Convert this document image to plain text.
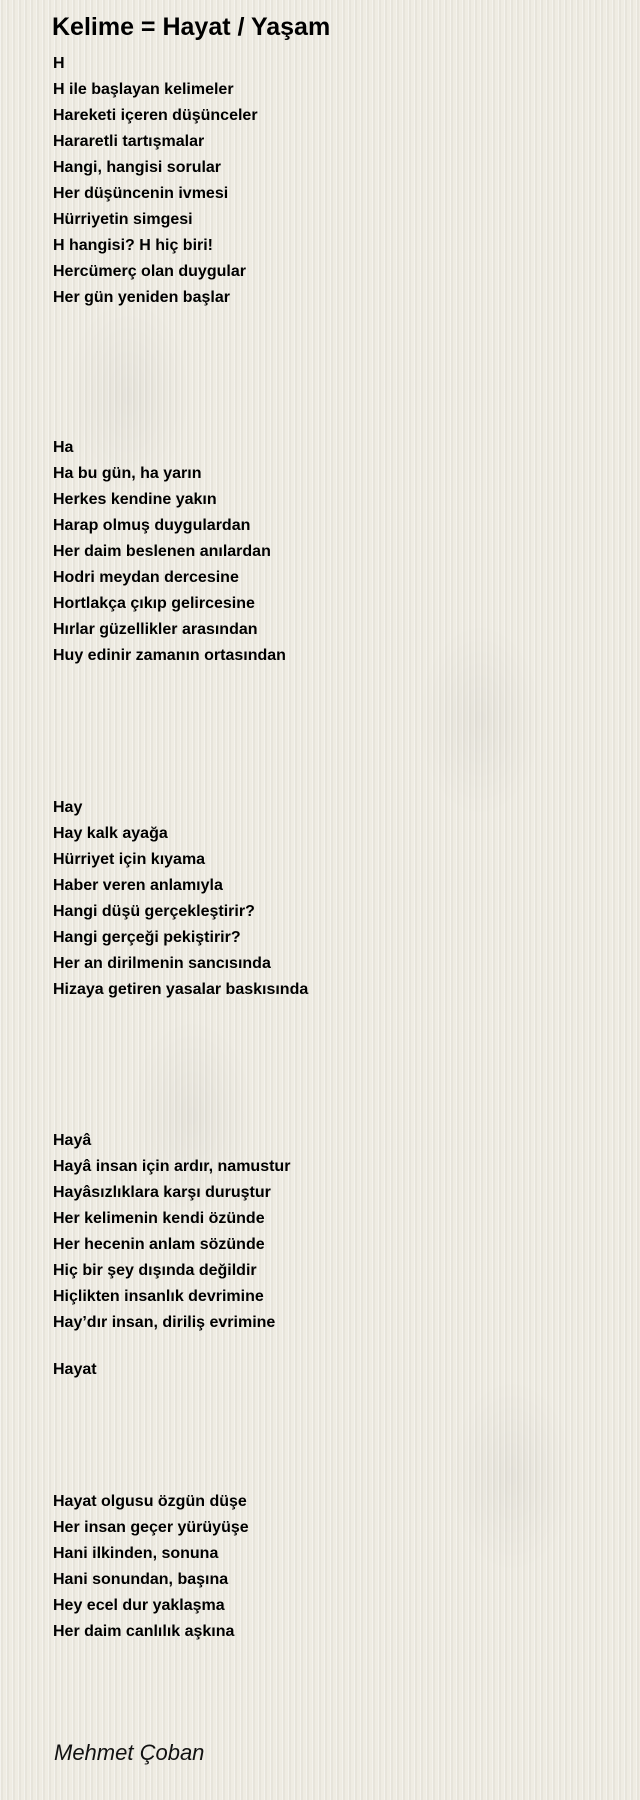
Kelime = Hayat / Yaşam
H
H ile başlayan kelimeler
Hareketi içeren düşünceler
Hararetli tartışmalar
Hangi, hangisi sorular
Her düşüncenin ivmesi
Hürriyetin simgesi
H hangisi? H hiç biri!
Hercümerç olan duygular
Her gün yeniden başlar
Ha
Ha bu gün, ha yarın
Herkes kendine yakın
Harap olmuş duygulardan
Her daim beslenen anılardan
Hodri meydan dercesine
Hortlakça çıkıp gelircesine
Hırlar güzellikler arasından
Huy edinir zamanın ortasından
Hay
Hay kalk ayağa
Hürriyet için kıyama
Haber veren anlamıyla
Hangi düşü gerçekleştirir?
Hangi gerçeği pekiştirir?
Her an dirilmenin sancısında
Hizaya getiren yasalar baskısında
Hayâ
Hayâ insan için ardır, namustur
Hayâsızlıklara karşı duruştur
Her kelimenin kendi özünde
Her hecenin anlam sözünde
Hiç bir şey dışında değildir
Hiçlikten insanlık devrimine
Hay’dır insan, diriliş evrimine
Hayat
Hayat olgusu özgün düşe
Her insan geçer yürüyüşe
Hani ilkinden, sonuna
Hani sonundan, başına
Hey ecel dur yaklaşma
Her daim canlılık aşkına
Mehmet Çoban
